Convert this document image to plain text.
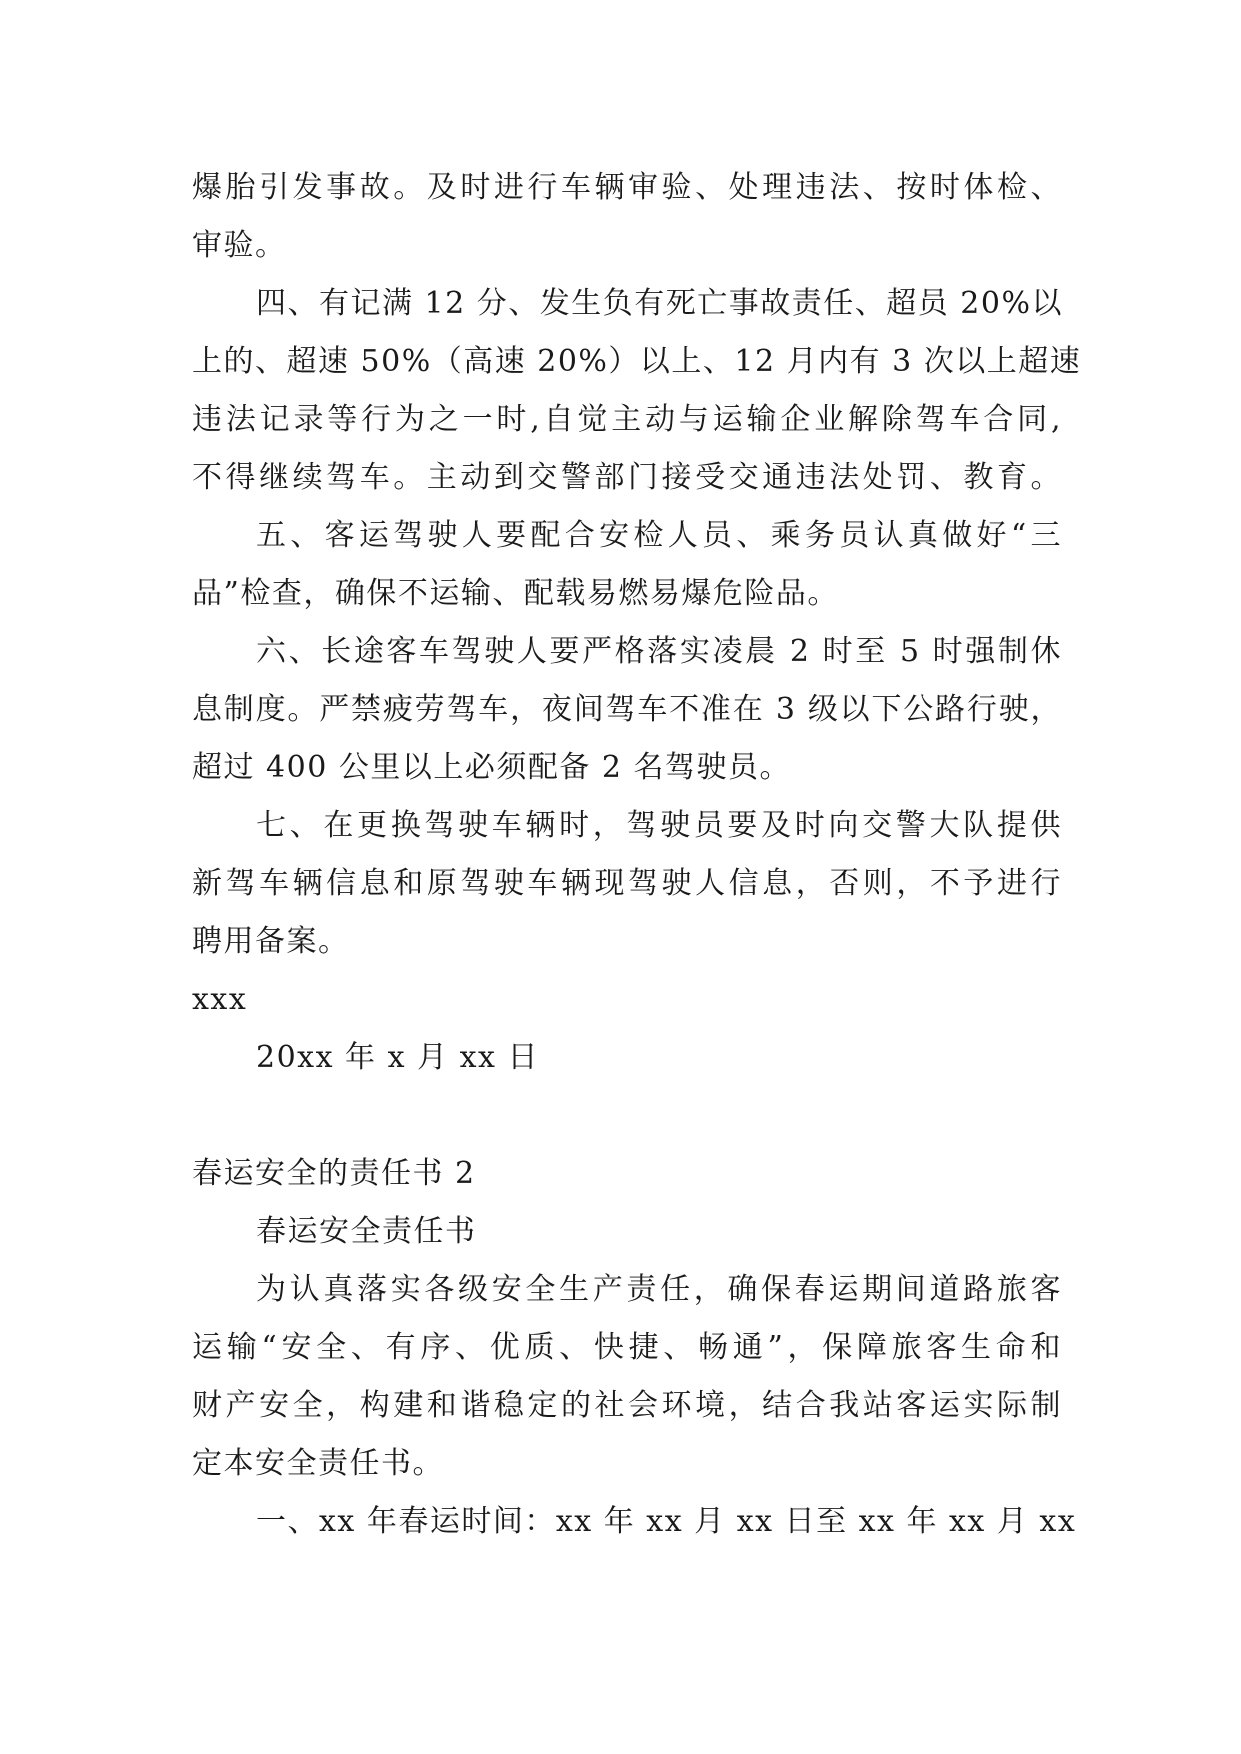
爆胎引发事故。及时进行车辆审验、处理违法、按时体检、
审验。
四、有记满 12 分、发生负有死亡事故责任、超员 20%以
上的、超速 50%（高速 20%）以上、12 月内有 3 次以上超速
违法记录等行为之一时,自觉主动与运输企业解除驾车合同,
不得继续驾车。主动到交警部门接受交通违法处罚、教育。
五、客运驾驶人要配合安检人员、乘务员认真做好“三
品”检查，确保不运输、配载易燃易爆危险品。
六、长途客车驾驶人要严格落实凌晨 2 时至 5 时强制休
息制度。严禁疲劳驾车，夜间驾车不准在 3 级以下公路行驶，
超过 400 公里以上必须配备 2 名驾驶员。
七、在更换驾驶车辆时，驾驶员要及时向交警大队提供
新驾车辆信息和原驾驶车辆现驾驶人信息，否则，不予进行
聘用备案。
xxx
20xx 年 x 月 xx 日
春运安全的责任书 2
春运安全责任书
为认真落实各级安全生产责任，确保春运期间道路旅客
运输“安全、有序、优质、快捷、畅通”，保障旅客生命和
财产安全，构建和谐稳定的社会环境，结合我站客运实际制
定本安全责任书。
一、xx 年春运时间：xx 年 xx 月 xx 日至 xx 年 xx 月 xx
